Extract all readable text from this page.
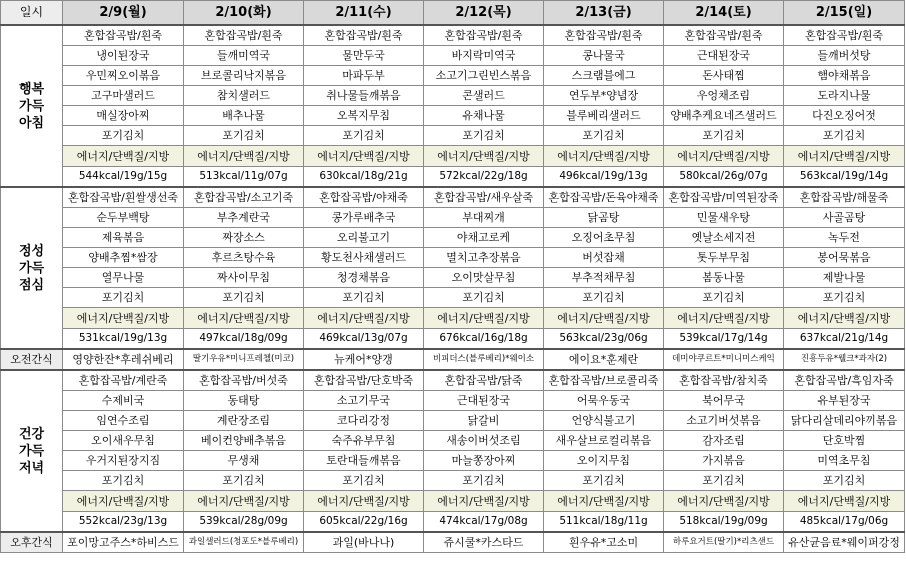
일시	2/9(월)	2/10(화)	2/11(수)	2/12(목)	2/13(금)	2/14(토)	2/15(일)
행복
가득
아침	혼합잡곡밥/흰죽	혼합잡곡밥/흰죽	혼합잡곡밥/흰죽	혼합잡곡밥/흰죽	혼합잡곡밥/흰죽	혼합잡곡밥/흰죽	혼합잡곡밥/흰죽
	냉이된장국	들깨미역국	물만두국	바지락미역국	콩나물국	근대된장국	들깨버섯탕
	우민찌오이볶음	브로콜리낙지볶음	마파두부	소고기그린빈스볶음	스크램블에그	돈사태찜	햄야채볶음
	고구마샐러드	참치샐러드	취나물들깨볶음	콘샐러드	연두부*양념장	우엉채조림	도라지나물
	매실장아찌	배추나물	오복지무침	유채나물	블루베리샐러드	양배추케요네즈샐러드	다진오징어젓
	포기김치	포기김치	포기김치	포기김치	포기김치	포기김치	포기김치
	에너지/단백질/지방	에너지/단백질/지방	에너지/단백질/지방	에너지/단백질/지방	에너지/단백질/지방	에너지/단백질/지방	에너지/단백질/지방
	544kcal/19g/15g	513kcal/11g/07g	630kcal/18g/21g	572kcal/22g/18g	496kcal/19g/13g	580kcal/26g/07g	563kcal/19g/14g
정성
가득
점심	혼합잡곡밥/흰쌀생선죽	혼합잡곡밥/소고기죽	혼합잡곡밥/야채죽	혼합잡곡밥/새우살죽	혼합잡곡밥/돈육야채죽	혼합잡곡밥/미역된장죽	혼합잡곡밥/해물죽
	순두부백탕	부추계란국	콩가루배추국	부대찌개	닭곰탕	민물새우탕	사골곰탕
	제육볶음	짜장소스	오리불고기	야채고로케	오징어초무침	옛날소세지전	녹두전
	양배추찜*쌈장	후르츠탕수육	황도천사채샐러드	멸치고추장볶음	버섯잡채	톳두부무침	봉어묵볶음
	열무나물	짜사이무침	청경채볶음	오이맛살무침	부추적채무침	봄동나물	제발나물
	포기김치	포기김치	포기김치	포기김치	포기김치	포기김치	포기김치
	에너지/단백질/지방	에너지/단백질/지방	에너지/단백질/지방	에너지/단백질/지방	에너지/단백질/지방	에너지/단백질/지방	에너지/단백질/지방
	531kcal/19g/13g	497kcal/18g/09g	469kcal/13g/07g	676kcal/16g/18g	563kcal/23g/06g	539kcal/17g/14g	637kcal/21g/14g
오전간식	영양한잔*후레쉬베리	딸기우유*미니프레첼(미코)	뉴케어*양갱	비피더스(블루베리)*웨이소	에이요*훈제란	데미야쿠르트*미니미스케익	진흥두유*웰크*과자(2)
건강
가득
저녁	혼합잡곡밥/계란죽	혼합잡곡밥/버섯죽	혼합잡곡밥/단호박죽	혼합잡곡밥/닭죽	혼합잡곡밥/브로콜리죽	혼합잡곡밥/참치죽	혼합잡곡밥/흑임자죽
	수제비국	동태탕	소고기무국	근대된장국	어묵우동국	북어무국	유부된장국
	임연수조림	계란장조림	코다리강정	닭갈비	언양식불고기	소고기버섯볶음	닭다리살데리야끼볶음
	오이새우무침	베이컨양배추볶음	숙주유부무침	새송이버섯조림	새우살브로컬리볶음	감자조림	단호박찜
	우거지된장지짐	무생채	토란대들깨볶음	마늘쫑장아찌	오이지무침	가지볶음	미역초무침
	포기김치	포기김치	포기김치	포기김치	포기김치	포기김치	포기김치
	에너지/단백질/지방	에너지/단백질/지방	에너지/단백질/지방	에너지/단백질/지방	에너지/단백질/지방	에너지/단백질/지방	에너지/단백질/지방
	552kcal/23g/13g	539kcal/28g/09g	605kcal/22g/16g	474kcal/17g/08g	511kcal/18g/11g	518kcal/19g/09g	485kcal/17g/06g
오후간식	포이망고주스*하비스드	과일샐러드(청포도*블루베리)	과일(바나나)	쥬시쿨*카스타드	흰우유*고소미	하루요거트(딸기)*리츠샌드	유산균음료*웨이퍼강정
